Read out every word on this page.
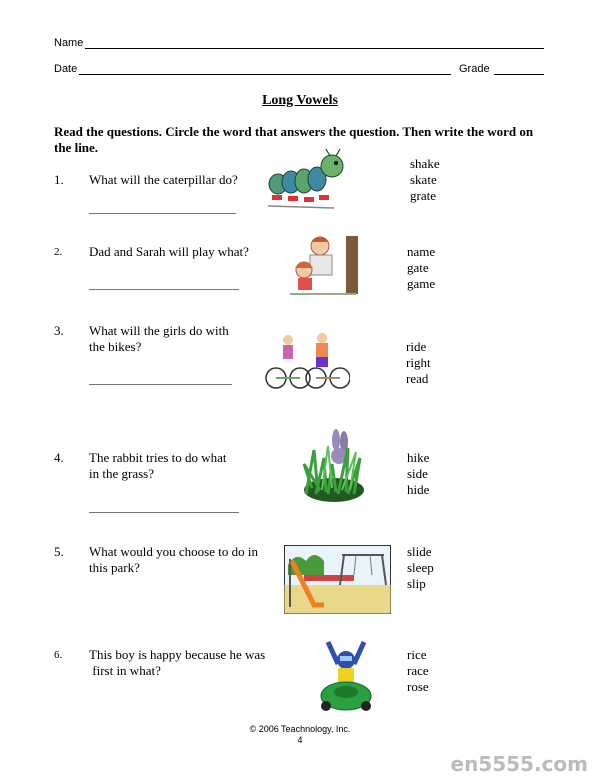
Name
Date	Grade
Long Vowels
Read the questions. Circle the word that answers the question. Then write the word on the line.
1. What will the caterpillar do?
shake
skate
grate
2. Dad and Sarah will play what?	name
gate
game
3. What will the girls do with
the bikes?	ride
right
read
4. The rabbit tries to do what
in the grass?
hike
side
hide
5. What would you choose to do in
this park?
slide
sleep
slip
6. This boy is happy because he was
first in what?
rice
race
rose
© 2006 Teachnology, Inc.
4
en5555.com
